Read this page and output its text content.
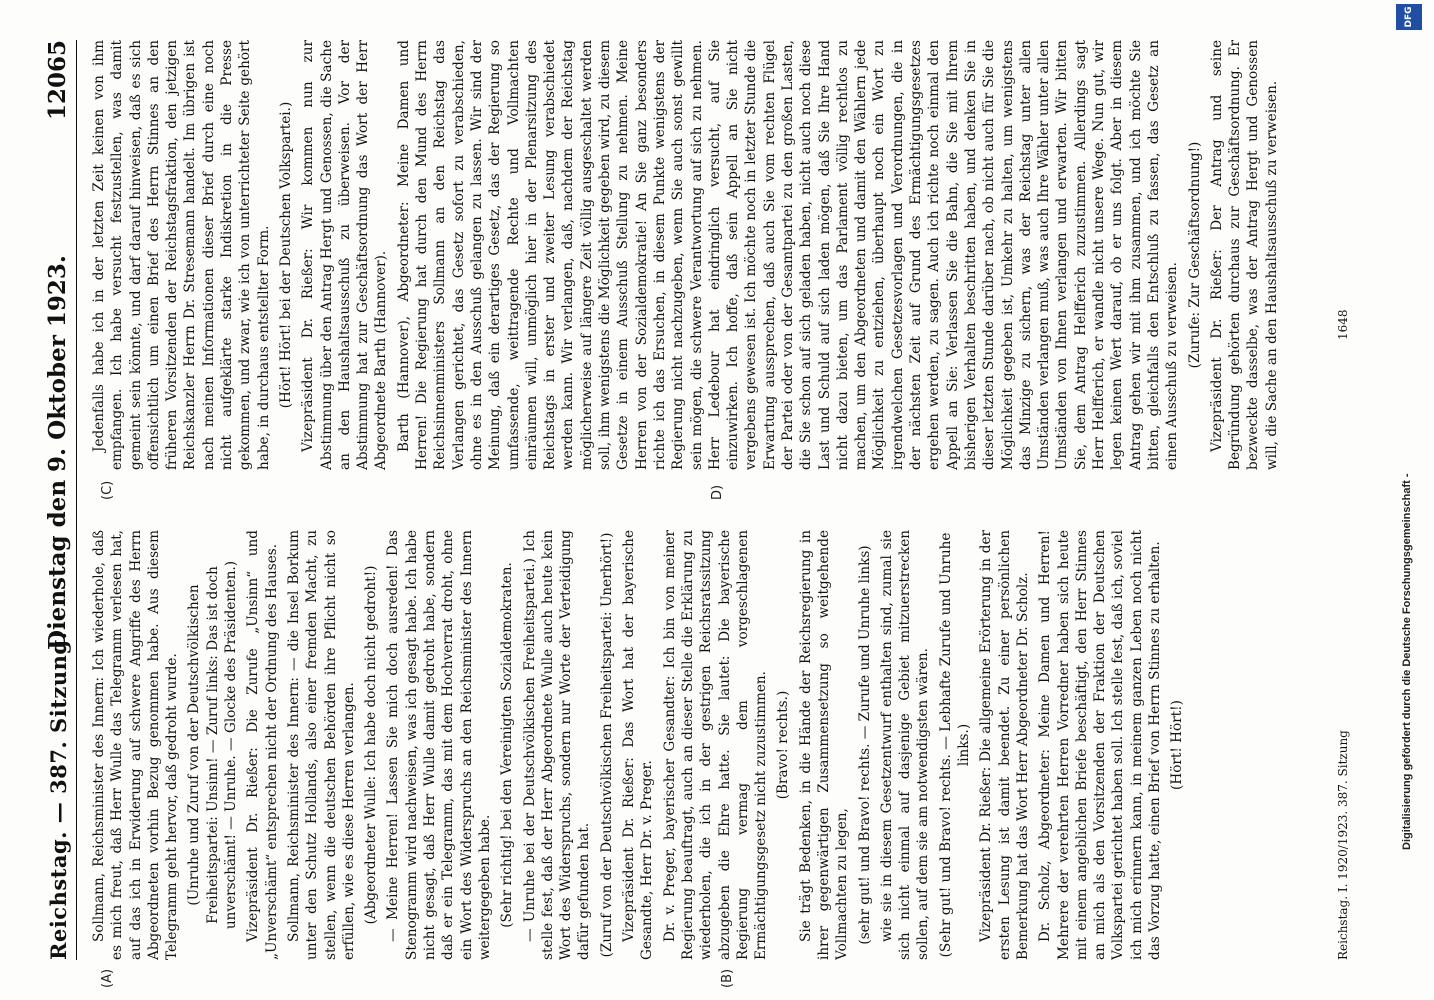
Reichstag. — 387. Sitzung.
Dienstag den 9. Oktober 1923.
12065
(A)	(B)
(C)	D)

Sollmann, Reichsminister des Innern: Ich wiederhole, daß es mich freut, daß Herr Wulle das Telegramm verlesen hat, auf das ich in Erwiderung auf schwere Angriffe des Herrn Abgeordneten vorhin Bezug genommen habe. Aus diesem Telegramm geht hervor, daß gedroht wurde. (Unruhe und Zuruf von der Deutschvölkischen Freiheitspartei: Unsinn! — Zuruf links: Das ist doch unverschämt! — Unruhe. — Glocke des Präsidenten.) Vizepräsident Dr. Rießer: Die Zurufe „Unsinn“ und „Unverschämt“ entsprechen nicht der Ordnung des Hauses. Sollmann, Reichsminister des Innern: — die Insel Borkum unter den Schutz Hollands, also einer fremden Macht, zu stellen, wenn die deutschen Behörden ihre Pflicht nicht so erfüllen, wie es diese Herren verlangen. (Abgeordneter Wulle: Ich habe doch nicht gedroht!) — Meine Herren! Lassen Sie mich doch ausreden! Das Stenogramm wird nachweisen, was ich gesagt habe. Ich habe nicht gesagt, daß Herr Wulle damit gedroht habe, sondern daß er ein Telegramm, das mit dem Hochverrat droht, ohne ein Wort des Widerspruchs an den Reichsminister des Innern weitergegeben habe. (Sehr richtig! bei den Vereinigten Sozialdemokraten. — Unruhe bei der Deutschvölkischen Freiheitspartei.) Ich stelle fest, daß der Herr Abgeordnete Wulle auch heute kein Wort des Widerspruchs, sondern nur Worte der Verteidigung dafür gefunden hat. (Zuruf von der Deutschvölkischen Freiheitspartei: Unerhört!) Vizepräsident Dr. Rießer: Das Wort hat der bayerische Gesandte, Herr Dr. v. Preger. Dr. v. Preger, bayerischer Gesandter: Ich bin von meiner Regierung beauftragt, auch an dieser Stelle die Erklärung zu wiederholen, die ich in der gestrigen Reichsratssitzung abzugeben die Ehre hatte. Sie lautet: Die bayerische Regierung vermag dem vorgeschlagenen Ermächtigungsgesetz nicht zuzustimmen. (Bravo! rechts.) Sie trägt Bedenken, in die Hände der Reichsregierung in ihrer gegenwärtigen Zusammensetzung so weitgehende Vollmachten zu legen, (sehr gut! und Bravo! rechts. — Zurufe und Unruhe links) wie sie in diesem Gesetzentwurf enthalten sind, zumal sie sich nicht einmal auf dasjenige Gebiet mitzuerstrecken sollen, auf dem sie am notwendigsten wären. (Sehr gut! und Bravo! rechts. — Lebhafte Zurufe und Unruhe links.) Vizepräsident Dr. Rießer: Die allgemeine Erörterung in der ersten Lesung ist damit beendet. Zu einer persönlichen Bemerkung hat das Wort Herr Abgeordneter Dr. Scholz. Dr. Scholz, Abgeordneter: Meine Damen und Herren! Mehrere der verehrten Herren Vorredner haben sich heute mit einem angeblichen Briefe beschäftigt, den Herr Stinnes an mich als den Vorsitzenden der Fraktion der Deutschen Volkspartei gerichtet haben soll. Ich stelle fest, daß ich, soviel ich mich erinnern kann, in meinem ganzen Leben noch nicht das Vorzug hatte, einen Brief von Herrn Stinnes zu erhalten. (Hört! Hört!)

Jedenfalls habe ich in der letzten Zeit keinen von ihm empfangen. Ich habe versucht festzustellen, was damit gemeint sein könnte, und darf darauf hinweisen, daß es sich offensichtlich um einen Brief des Herrn Stinnes an den früheren Vorsitzenden der Reichstagsfraktion, den jetzigen Reichskanzler Herrn Dr. Stresemann handelt. Im übrigen ist nach meinen Informationen dieser Brief durch eine noch nicht aufgeklärte starke Indiskretion in die Presse gekommen, und zwar, wie ich von unterrichteter Seite gehört habe, in durchaus entstellter Form. (Hört! Hört! bei der Deutschen Volkspartei.) Vizepräsident Dr. Rießer: Wir kommen nun zur Abstimmung über den Antrag Hergt und Genossen, die Sache an den Haushaltsausschuß zu überweisen. Vor der Abstimmung hat zur Geschäftsordnung das Wort der Herr Abgeordnete Barth (Hannover). Barth (Hannover), Abgeordneter: Meine Damen und Herren! Die Regierung hat durch den Mund des Herrn Reichsinnenministers Sollmann an den Reichstag das Verlangen gerichtet, das Gesetz sofort zu verabschieden, ohne es in den Ausschuß gelangen zu lassen. Wir sind der Meinung, daß ein derartiges Gesetz, das der Regierung so umfassende, weittragende Rechte und Vollmachten einräumen will, unmöglich hier in der Plenarsitzung des Reichstags in erster und zweiter Lesung verabschiedet werden kann. Wir verlangen, daß, nachdem der Reichstag möglicherweise auf längere Zeit völlig ausgeschaltet werden soll, ihm wenigstens die Möglichkeit gegeben wird, zu diesem Gesetze in einem Ausschuß Stellung zu nehmen. Meine Herren von der Sozialdemokratie! An Sie ganz besonders richte ich das Ersuchen, in diesem Punkte wenigstens der Regierung nicht nachzugeben, wenn Sie auch sonst gewillt sein mögen, die schwere Verantwortung auf sich zu nehmen. Herr Ledebour hat eindringlich versucht, auf Sie einzuwirken. Ich hoffe, daß sein Appell an Sie nicht vergebens gewesen ist. Ich möchte noch in letzter Stunde die Erwartung aussprechen, daß auch Sie vom rechten Flügel der Partei oder von der Gesamtpartei zu den großen Lasten, die Sie schon auf sich geladen haben, nicht auch noch diese Last und Schuld auf sich laden mögen, daß Sie Ihre Hand nicht dazu bieten, um das Parlament völlig rechtlos zu machen, um den Abgeordneten und damit den Wählern jede Möglichkeit zu entziehen, überhaupt noch ein Wort zu irgendwelchen Gesetzesvorlagen und Verordnungen, die in der nächsten Zeit auf Grund des Ermächtigungsgesetzes ergehen werden, zu sagen. Auch ich richte noch einmal den Appell an Sie: Verlassen Sie die Bahn, die Sie mit Ihrem bisherigen Verhalten beschritten haben, und denken Sie in dieser letzten Stunde darüber nach, ob nicht auch für Sie die Möglichkeit gegeben ist, Umkehr zu halten, um wenigstens das Minzige zu sichern, was der Reichstag unter allen Umständen verlangen muß, was auch Ihre Wähler unter allen Umständen von Ihnen verlangen und erwarten. Wir bitten Sie, dem Antrag Helfferich zuzustimmen. Allerdings sagt Herr Helfferich, er wandle nicht unsere Wege. Nun gut, wir legen keinen Wert darauf, ob er uns folgt. Aber in diesem Antrag gehen wir mit ihm zusammen, und ich möchte Sie bitten, gleichfalls den Entschluß zu fassen, das Gesetz an einen Ausschuß zu verweisen. (Zurufe: Zur Geschäftsordnung!) Vizepräsident Dr. Rießer: Der Antrag und seine Begründung gehörten durchaus zur Geschäftsordnung. Er bezweckte dasselbe, was der Antrag Hergt und Genossen will, die Sache an den Haushaltsausschuß zu verweisen.

Reichstag. I. 1920/1923. 387. Sitzung
1648
Digitalisierung gefördert durch die Deutsche Forschungsgemeinschaft -
DFG
